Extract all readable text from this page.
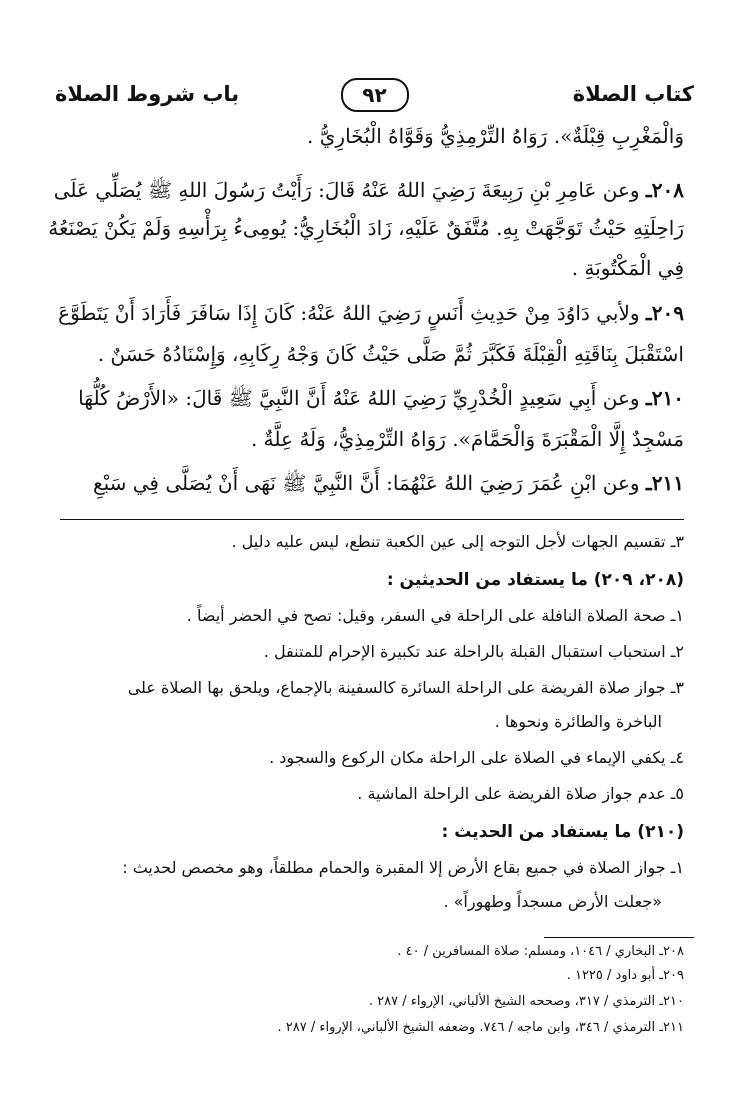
كتاب الصلاة
٩٢
باب شروط الصلاة
وَالْمَغْرِبِ قِبْلَةٌ». رَوَاهُ التِّرْمِذِيُّ وَقَوَّاهُ الْبُخَارِيُّ .
٢٠٨ـ وعن عَامِرِ بْنِ رَبِيعَةَ رَضِيَ اللهُ عَنْهُ قَالَ: رَأَيْتُ رَسُولَ اللهِ ﷺ يُصَلِّي عَلَى
رَاحِلَتِهِ حَيْثُ تَوَجَّهَتْ بِهِ. مُتَّفَقٌ عَلَيْهِ، زَادَ الْبُخَارِيُّ: يُومِىءُ بِرَأْسِهِ وَلَمْ يَكُنْ يَصْنَعُهُ
فِي الْمَكْتُوبَةِ .
٢٠٩ـ ولأبي دَاوُدَ مِنْ حَدِيثِ أَنَسٍ رَضِيَ اللهُ عَنْهُ: كَانَ إِذَا سَافَرَ فَأَرَادَ أَنْ يَتَطَوَّعَ
اسْتَقْبَلَ بِنَاقَتِهِ الْقِبْلَةَ فَكَبَّرَ ثُمَّ صَلَّى حَيْثُ كَانَ وَجْهُ رِكَابِهِ، وَإِسْنَادُهُ حَسَنٌ .
٢١٠ـ وعن أَبِي سَعِيدٍ الْخُدْرِيِّ رَضِيَ اللهُ عَنْهُ أَنَّ النَّبِيَّ ﷺ قَالَ: «الأَرْضُ كُلُّهَا
مَسْجِدٌ إِلَّا الْمَقْبَرَةَ وَالْحَمَّامَ». رَوَاهُ التِّرْمِذِيُّ، وَلَهُ عِلَّةٌ .
٢١١ـ وعن ابْنِ عُمَرَ رَضِيَ اللهُ عَنْهُمَا: أَنَّ النَّبِيَّ ﷺ نَهَى أَنْ يُصَلَّى فِي سَبْعِ
٣ـ تقسيم الجهات لأجل التوجه إلى عين الكعبة تنطع، ليس عليه دليل .
(٢٠٨، ٢٠٩) ما يستفاد من الحديثين :
١ـ صحة الصلاة النافلة على الراحلة في السفر، وقيل: تصح في الحضر أيضاً .
٢ـ استحباب استقبال القبلة بالراحلة عند تكبيرة الإحرام للمتنفل .
٣ـ جواز صلاة الفريضة على الراحلة السائرة كالسفينة بالإجماع، ويلحق بها الصلاة على
الباخرة والطائرة ونحوها .
٤ـ يكفي الإيماء في الصلاة على الراحلة مكان الركوع والسجود .
٥ـ عدم جواز صلاة الفريضة على الراحلة الماشية .
(٢١٠) ما يستفاد من الحديث :
١ـ جواز الصلاة في جميع بقاع الأرض إلا المقبرة والحمام مطلقاً، وهو مخصص لحديث :
«جعلت الأرض مسجداً وطهوراً» .
٢٠٨ـ البخاري / ١٠٤٦، ومسلم: صلاة المسافرين / ٤٠ .
٢٠٩ـ أبو داود / ١٢٢٥ .
٢١٠ـ الترمذي / ٣١٧، وصححه الشيخ الألباني، الإرواء / ٢٨٧ .
٢١١ـ الترمذي / ٣٤٦، وابن ماجه / ٧٤٦. وضعفه الشيخ الألباني، الإرواء / ٢٨٧ .
